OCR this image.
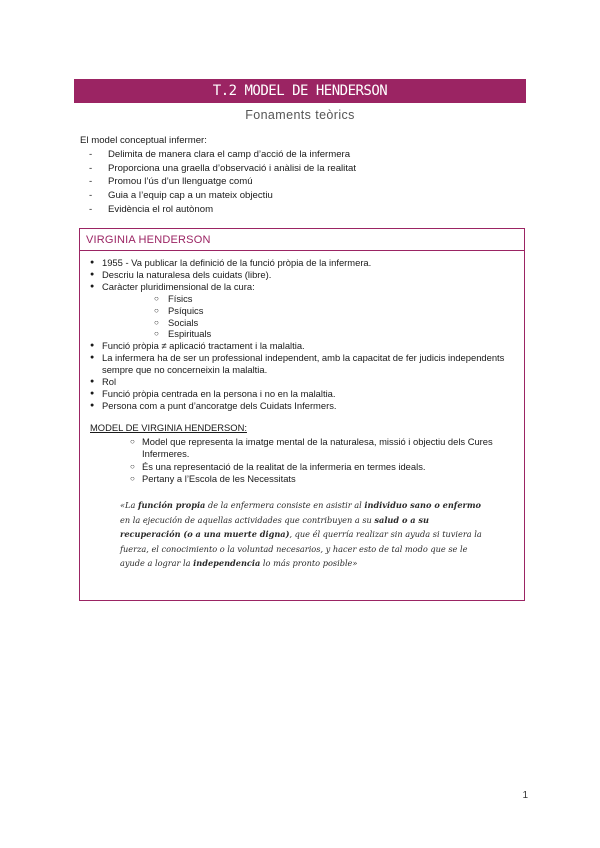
T.2 MODEL DE HENDERSON
Fonaments teòrics
El model conceptual infermer:
- Delimita de manera clara el camp d’acció de la infermera
- Proporciona una graella d’observació i anàlisi de la realitat
- Promou l’ús d’un llenguatge comú
- Guia a l’equip cap a un mateix objectiu
- Evidència el rol autònom
VIRGINIA HENDERSON
● 1955 - Va publicar la definició de la funció pròpia de la infermera.
● Descriu la naturalesa dels cuidats (libre).
● Caràcter pluridimensional de la cura:
○ Físics
○ Psíquics
○ Socials
○ Espirituals
● Funció pròpia ≠ aplicació tractament i la malaltia.
● La infermera ha de ser un professional independent, amb la capacitat de fer judicis independents sempre que no concerneixin la malaltia.
● Rol
● Funció pròpia centrada en la persona i no en la malaltia.
● Persona com a punt d’ancoratge dels Cuidats Infermers.
MODEL DE VIRGINIA HENDERSON:
○ Model que representa la imatge mental de la naturalesa, missió i objectiu dels Cures Infermeres.
○ És una representació de la realitat de la infermeria en termes ideals.
○ Pertany a l’Escola de les Necessitats
«La función propia de la enfermera consiste en asistir al individuo sano o enfermo en la ejecución de aquellas actividades que contribuyen a su salud o a su recuperación (o a una muerte digna), que él querría realizar sin ayuda si tuviera la fuerza, el conocimiento o la voluntad necesarios, y hacer esto de tal modo que se le ayude a lograr la independencia lo más pronto posible»
1
